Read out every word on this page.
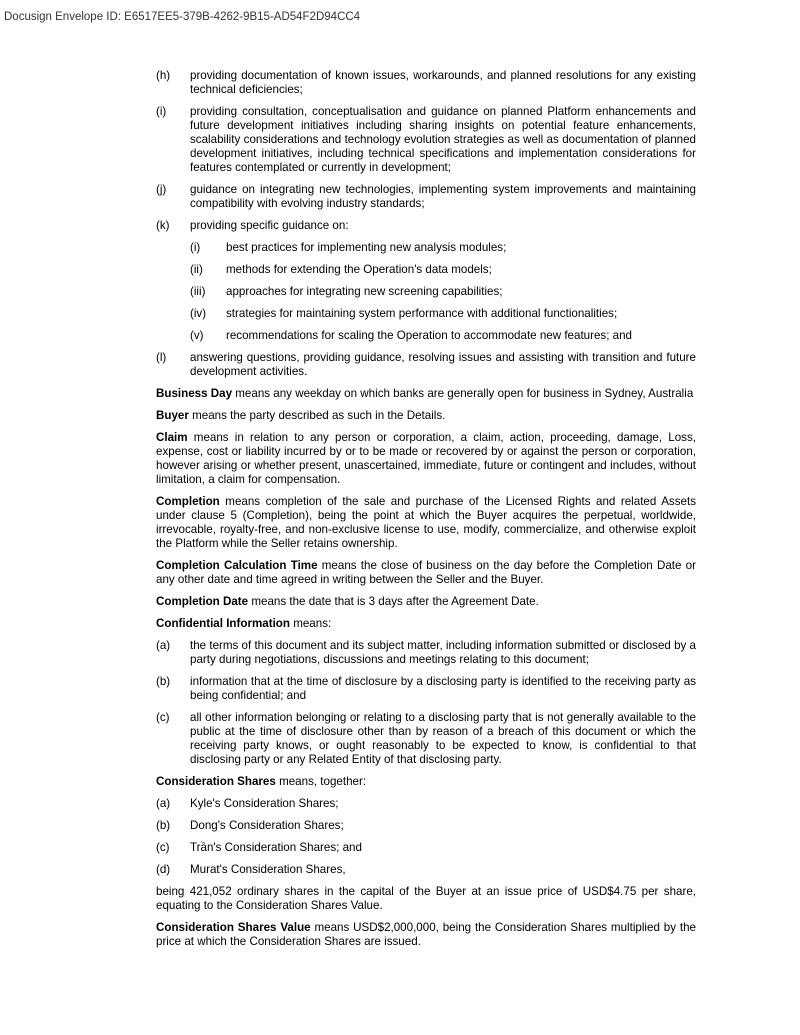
Docusign Envelope ID: E6517EE5-379B-4262-9B15-AD54F2D94CC4
(h) providing documentation of known issues, workarounds, and planned resolutions for any existing technical deficiencies;
(i) providing consultation, conceptualisation and guidance on planned Platform enhancements and future development initiatives including sharing insights on potential feature enhancements, scalability considerations and technology evolution strategies as well as documentation of planned development initiatives, including technical specifications and implementation considerations for features contemplated or currently in development;
(j) guidance on integrating new technologies, implementing system improvements and maintaining compatibility with evolving industry standards;
(k) providing specific guidance on:
(i) best practices for implementing new analysis modules;
(ii) methods for extending the Operation's data models;
(iii) approaches for integrating new screening capabilities;
(iv) strategies for maintaining system performance with additional functionalities;
(v) recommendations for scaling the Operation to accommodate new features; and
(l) answering questions, providing guidance, resolving issues and assisting with transition and future development activities.
Business Day means any weekday on which banks are generally open for business in Sydney, Australia
Buyer means the party described as such in the Details.
Claim means in relation to any person or corporation, a claim, action, proceeding, damage, Loss, expense, cost or liability incurred by or to be made or recovered by or against the person or corporation, however arising or whether present, unascertained, immediate, future or contingent and includes, without limitation, a claim for compensation.
Completion means completion of the sale and purchase of the Licensed Rights and related Assets under clause 5 (Completion), being the point at which the Buyer acquires the perpetual, worldwide, irrevocable, royalty-free, and non-exclusive license to use, modify, commercialize, and otherwise exploit the Platform while the Seller retains ownership.
Completion Calculation Time means the close of business on the day before the Completion Date or any other date and time agreed in writing between the Seller and the Buyer.
Completion Date means the date that is 3 days after the Agreement Date.
Confidential Information means:
(a) the terms of this document and its subject matter, including information submitted or disclosed by a party during negotiations, discussions and meetings relating to this document;
(b) information that at the time of disclosure by a disclosing party is identified to the receiving party as being confidential; and
(c) all other information belonging or relating to a disclosing party that is not generally available to the public at the time of disclosure other than by reason of a breach of this document or which the receiving party knows, or ought reasonably to be expected to know, is confidential to that disclosing party or any Related Entity of that disclosing party.
Consideration Shares means, together:
(a) Kyle's Consideration Shares;
(b) Dong's Consideration Shares;
(c) Trần's Consideration Shares; and
(d) Murat's Consideration Shares,
being 421,052 ordinary shares in the capital of the Buyer at an issue price of USD$4.75 per share, equating to the Consideration Shares Value.
Consideration Shares Value means USD$2,000,000, being the Consideration Shares multiplied by the price at which the Consideration Shares are issued.
